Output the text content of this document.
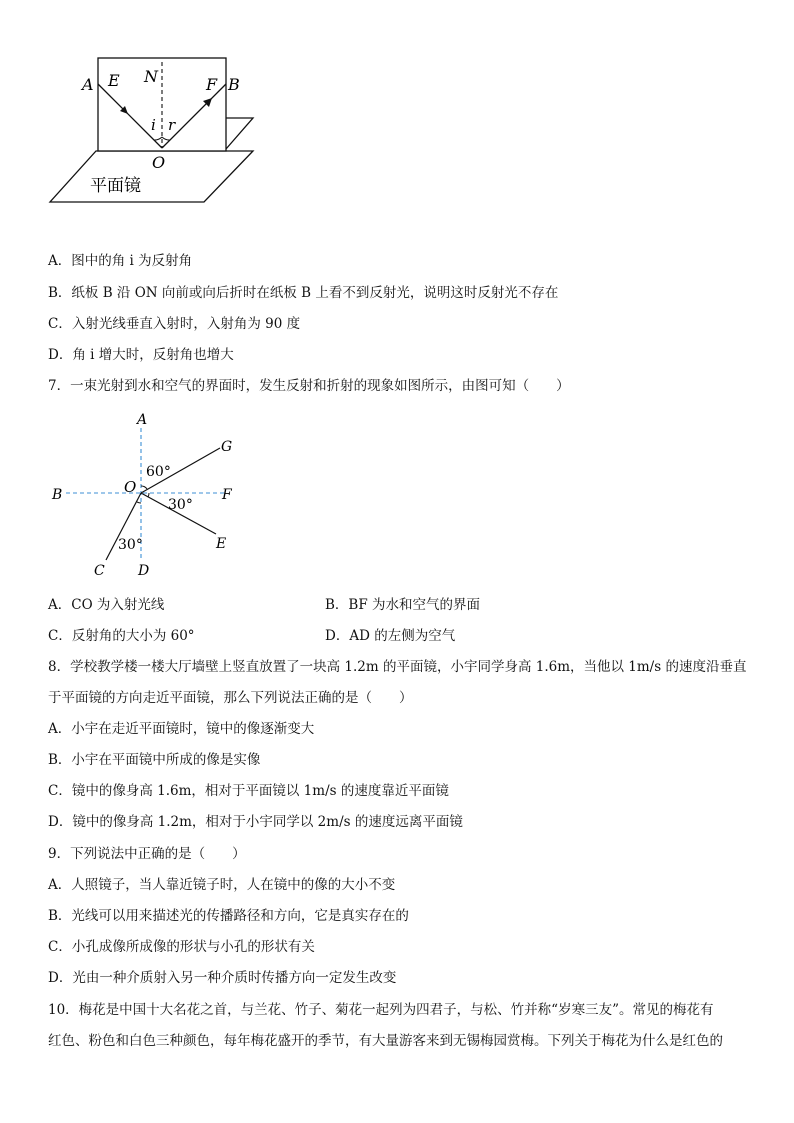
A E N	F B
i r
O
平面镜
A．图中的角 i 为反射角
B．纸板 B 沿 ON 向前或向后折时在纸板 B 上看不到反射光，说明这时反射光不存在
C．入射光线垂直入射时，入射角为 90 度
D．角 i 增大时，反射角也增大
7．一束光射到水和空气的界面时，发生反射和折射的现象如图所示，由图可知（　　）
A
G
60°
O
B	F
30°
E
30°
C D
A．CO 为入射光线	B．BF 为水和空气的界面
C．反射角的大小为 60°	D．AD 的左侧为空气
8．学校教学楼一楼大厅墙壁上竖直放置了一块高 1.2m 的平面镜，小宇同学身高 1.6m，当他以 1m/s 的速度沿垂直
于平面镜的方向走近平面镜，那么下列说法正确的是（　　）
A．小宇在走近平面镜时，镜中的像逐渐变大
B．小宇在平面镜中所成的像是实像
C．镜中的像身高 1.6m，相对于平面镜以 1m/s 的速度靠近平面镜
D．镜中的像身高 1.2m，相对于小宇同学以 2m/s 的速度远离平面镜
9．下列说法中正确的是（　　）
A．人照镜子，当人靠近镜子时，人在镜中的像的大小不变
B．光线可以用来描述光的传播路径和方向，它是真实存在的
C．小孔成像所成像的形状与小孔的形状有关
D．光由一种介质射入另一种介质时传播方向一定发生改变
10．梅花是中国十大名花之首，与兰花、竹子、菊花一起列为四君子，与松、竹并称“岁寒三友”。常见的梅花有
红色、粉色和白色三种颜色，每年梅花盛开的季节，有大量游客来到无锡梅园赏梅。下列关于梅花为什么是红色的
